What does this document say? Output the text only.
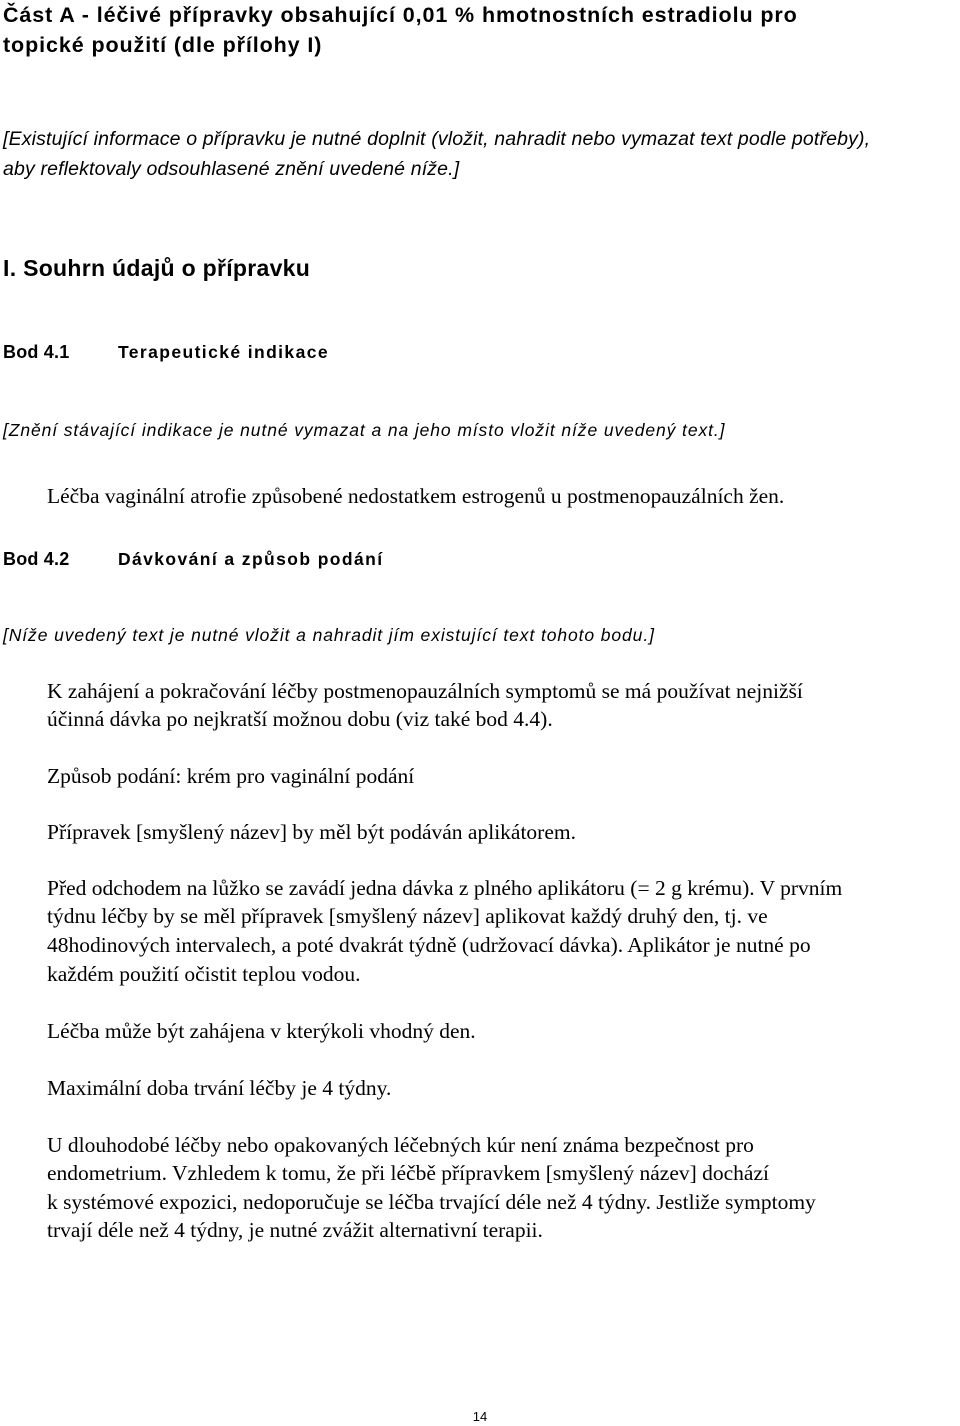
Část A - léčivé přípravky obsahující 0,01 % hmotnostních estradiolu pro
topické použití (dle přílohy I)
[Existující informace o přípravku je nutné doplnit (vložit, nahradit nebo vymazat text podle potřeby),
aby reflektovaly odsouhlasené znění uvedené níže.]
I. Souhrn údajů o přípravku
Bod 4.1	Terapeutické indikace
[Znění stávající indikace je nutné vymazat a na jeho místo vložit níže uvedený text.]
Léčba vaginální atrofie způsobené nedostatkem estrogenů u postmenopauzálních žen.
Bod 4.2	Dávkování a způsob podání
[Níže uvedený text je nutné vložit a nahradit jím existující text tohoto bodu.]
K zahájení a pokračování léčby postmenopauzálních symptomů se má používat nejnižší
účinná dávka po nejkratší možnou dobu (viz také bod 4.4).
Způsob podání: krém pro vaginální podání
Přípravek [smyšlený název] by měl být podáván aplikátorem.
Před odchodem na lůžko se zavádí jedna dávka z plného aplikátoru (= 2 g krému). V prvním
týdnu léčby by se měl přípravek [smyšlený název] aplikovat každý druhý den, tj. ve
48hodinových intervalech, a poté dvakrát týdně (udržovací dávka). Aplikátor je nutné po
každém použití očistit teplou vodou.
Léčba může být zahájena v kterýkoli vhodný den.
Maximální doba trvání léčby je 4 týdny.
U dlouhodobé léčby nebo opakovaných léčebných kúr není známa bezpečnost pro
endometrium. Vzhledem k tomu, že při léčbě přípravkem [smyšlený název] dochází
k systémové expozici, nedoporučuje se léčba trvající déle než 4 týdny. Jestliže symptomy
trvají déle než 4 týdny, je nutné zvážit alternativní terapii.
14
